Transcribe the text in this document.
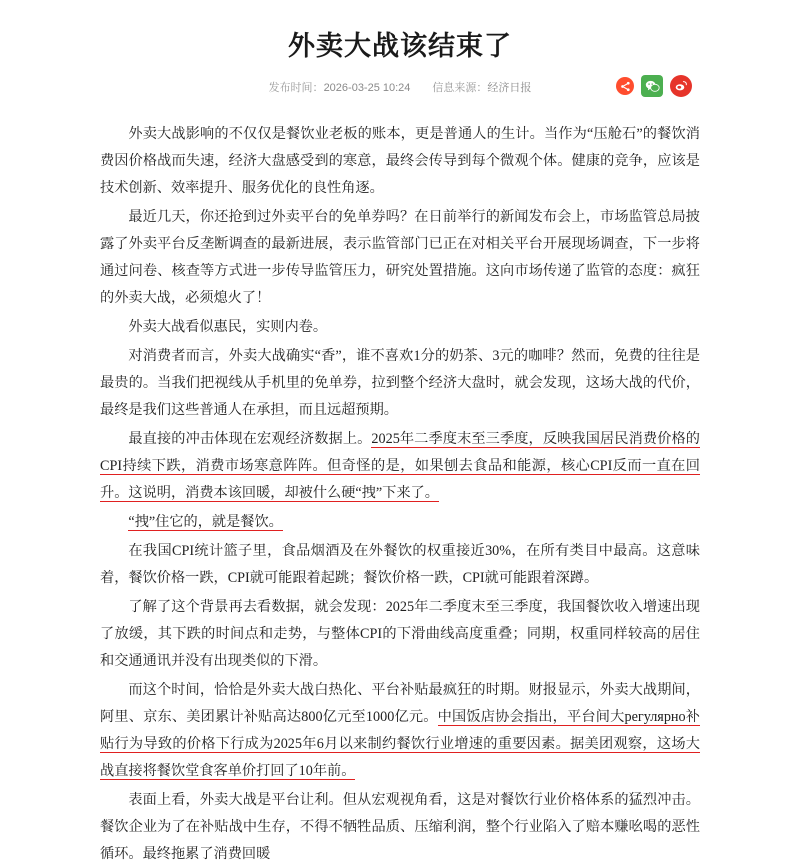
外卖大战该结束了
发布时间：2026-03-25 10:24 信息来源：经济日报

外卖大战影响的不仅仅是餐饮业老板的账本，更是普通人的生计。当作为“压舱石”的餐饮消费因价格战而失速，经济大盘感受到的寒意，最终会传导到每个微观个体。健康的竞争，应该是技术创新、效率提升、服务优化的良性角逐。

最近几天，你还抢到过外卖平台的免单券吗？在日前举行的新闻发布会上，市场监管总局披露了外卖平台反垄断调查的最新进展，表示监管部门已正在对相关平台开展现场调查，下一步将通过问卷、核查等方式进一步传导监管压力，研究处置措施。这向市场传递了监管的态度：疯狂的外卖大战，必须熄火了！

外卖大战看似惠民，实则内卷。

对消费者而言，外卖大战确实“香”，谁不喜欢1分的奶茶、3元的咖啡？然而，免费的往往是最贵的。当我们把视线从手机里的免单券，拉到整个经济大盘时，就会发现，这场大战的代价，最终是我们这些普通人在承担，而且远超预期。

最直接的冲击体现在宏观经济数据上。2025年二季度末至三季度，反映我国居民消费价格的CPI持续下跌，消费市场寒意阵阵。但奇怪的是，如果刨去食品和能源，核心CPI反而一直在回升。这说明，消费本该回暖，却被什么硬“拽”下来了。

“拽”住它的，就是餐饮。

在我国CPI统计篮子里，食品烟酒及在外餐饮的权重接近30%，在所有类目中最高。这意味着，餐饮价格一跌，CPI就可能跟着起跳；餐饮价格一跌，CPI就可能跟着深蹲。

了解了这个背景再去看数据，就会发现：2025年二季度末至三季度，我国餐饮收入增速出现了放缓，其下跌的时间点和走势，与整体CPI的下滑曲线高度重叠；同期，权重同样较高的居住和交通通讯并没有出现类似的下滑。

而这个时间，恰恰是外卖大战白热化、平台补贴最疯狂的时期。财报显示，外卖大战期间，阿里、京东、美团累计补贴高达800亿元至1000亿元。中国饭店协会指出，平台间大регулярно补贴行为导致的价格下行成为2025年6月以来制约餐饮行业增速的重要因素。据美团观察，这场大战直接将餐饮堂食客单价打回了10年前。

表面上看，外卖大战是平台让利。但从宏观视角看，这是对餐饮行业价格体系的猛烈冲击。餐饮企业为了在补贴战中生存，不得不牺牲品质、压缩利润，整个行业陷入了赔本赚吆喝的恶性循环。最终拖累了消费回暖
